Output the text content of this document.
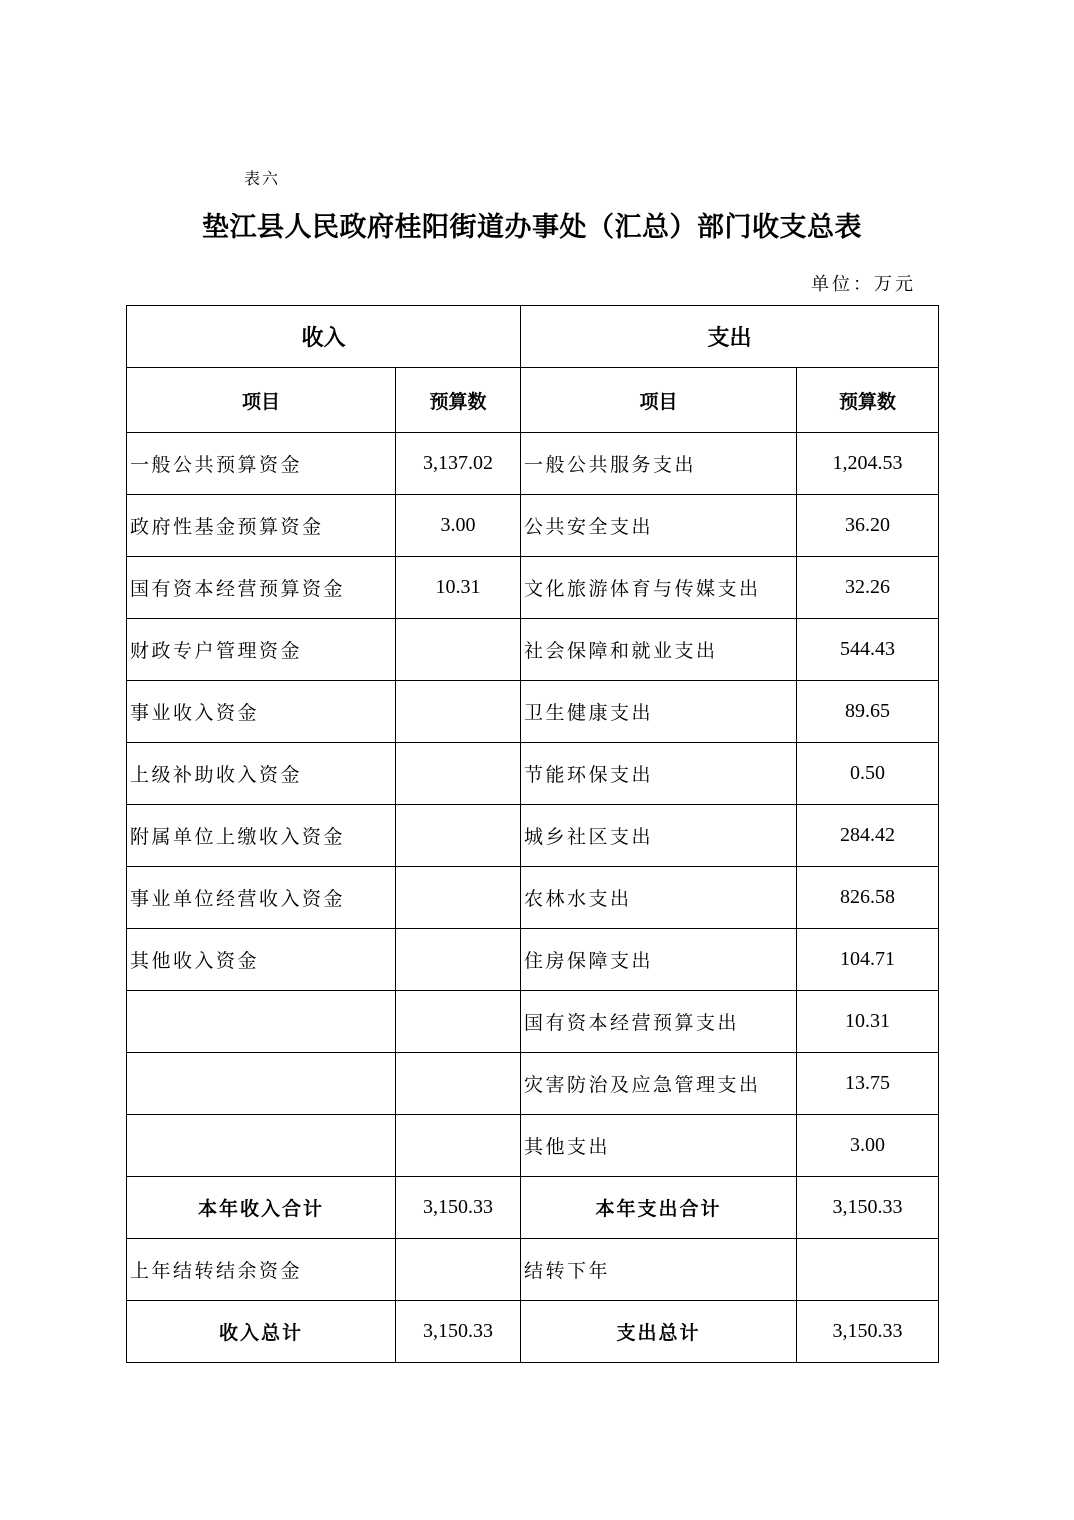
表六
垫江县人民政府桂阳街道办事处（汇总）部门收支总表
单位：万元
收入		支出	
项目	预算数	项目	预算数
一般公共预算资金	3,137.02	一般公共服务支出	1,204.53
政府性基金预算资金	3.00	公共安全支出	36.20
国有资本经营预算资金	10.31	文化旅游体育与传媒支出	32.26
财政专户管理资金		社会保障和就业支出	544.43
事业收入资金		卫生健康支出	89.65
上级补助收入资金		节能环保支出	0.50
附属单位上缴收入资金		城乡社区支出	284.42
事业单位经营收入资金		农林水支出	826.58
其他收入资金		住房保障支出	104.71
		国有资本经营预算支出	10.31
		灾害防治及应急管理支出	13.75
		其他支出	3.00
本年收入合计	3,150.33	本年支出合计	3,150.33
上年结转结余资金		结转下年	
收入总计	3,150.33	支出总计	3,150.33
